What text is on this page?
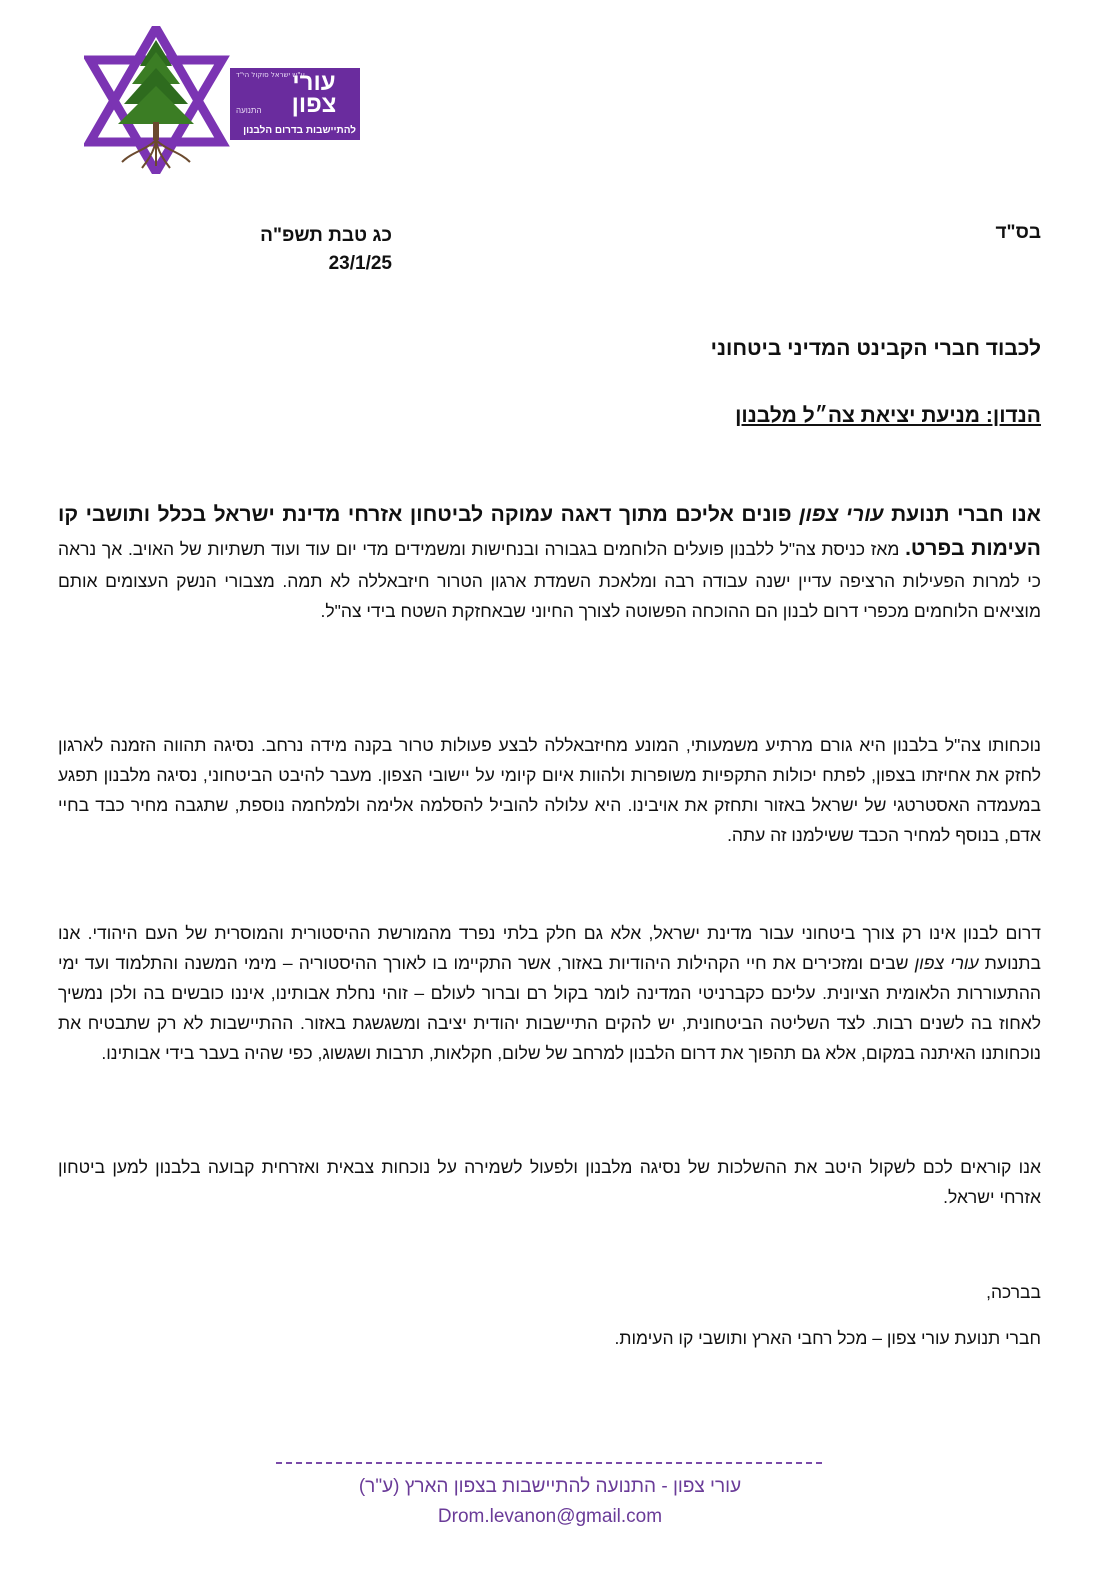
ע"ש ישראל סוקול הי"ד
עורי צפון
התנועה
להתיישבות בדרום הלבנון

בס"ד

כג טבת תשפ"ה
23/1/25

לכבוד חברי הקבינט המדיני ביטחוני

הנדון: מניעת יציאת צה״ל מלבנון

אנו חברי תנועת עורי צפון פונים אליכם מתוך דאגה עמוקה לביטחון אזרחי מדינת ישראל בכלל ותושבי קו העימות בפרט. מאז כניסת צה"ל ללבנון פועלים הלוחמים בגבורה ובנחישות ומשמידים מדי יום עוד ועוד תשתיות של האויב. אך נראה כי למרות הפעילות הרציפה עדיין ישנה עבודה רבה ומלאכת השמדת ארגון הטרור חיזבאללה לא תמה. מצבורי הנשק העצומים אותם מוציאים הלוחמים מכפרי דרום לבנון הם ההוכחה הפשוטה לצורך החיוני שבאחזקת השטח בידי צה"ל.

נוכחותו צה"ל בלבנון היא גורם מרתיע משמעותי, המונע מחיזבאללה לבצע פעולות טרור בקנה מידה נרחב. נסיגה תהווה הזמנה לארגון לחזק את אחיזתו בצפון, לפתח יכולות התקפיות משופרות ולהוות איום קיומי על יישובי הצפון. מעבר להיבט הביטחוני, נסיגה מלבנון תפגע במעמדה האסטרטגי של ישראל באזור ותחזק את אויבינו. היא עלולה להוביל להסלמה אלימה ולמלחמה נוספת, שתגבה מחיר כבד בחיי אדם, בנוסף למחיר הכבד ששילמנו זה עתה.

דרום לבנון אינו רק צורך ביטחוני עבור מדינת ישראל, אלא גם חלק בלתי נפרד מהמורשת ההיסטורית והמוסרית של העם היהודי. אנו בתנועת עורי צפון שבים ומזכירים את חיי הקהילות היהודיות באזור, אשר התקיימו בו לאורך ההיסטוריה – מימי המשנה והתלמוד ועד ימי ההתעוררות הלאומית הציונית. עליכם כקברניטי המדינה לומר בקול רם וברור לעולם – זוהי נחלת אבותינו, איננו כובשים בה ולכן נמשיך לאחוז בה לשנים רבות. לצד השליטה הביטחונית, יש להקים התיישבות יהודית יציבה ומשגשגת באזור. ההתיישבות לא רק שתבטיח את נוכחותנו האיתנה במקום, אלא גם תהפוך את דרום הלבנון למרחב של שלום, חקלאות, תרבות ושגשוג, כפי שהיה בעבר בידי אבותינו.

אנו קוראים לכם לשקול היטב את ההשלכות של נסיגה מלבנון ולפעול לשמירה על נוכחות צבאית ואזרחית קבועה בלבנון למען ביטחון אזרחי ישראל.

בברכה,

חברי תנועת עורי צפון – מכל רחבי הארץ ותושבי קו העימות.

עורי צפון - התנועה להתיישבות בצפון הארץ (ע"ר)

Drom.levanon@gmail.com
